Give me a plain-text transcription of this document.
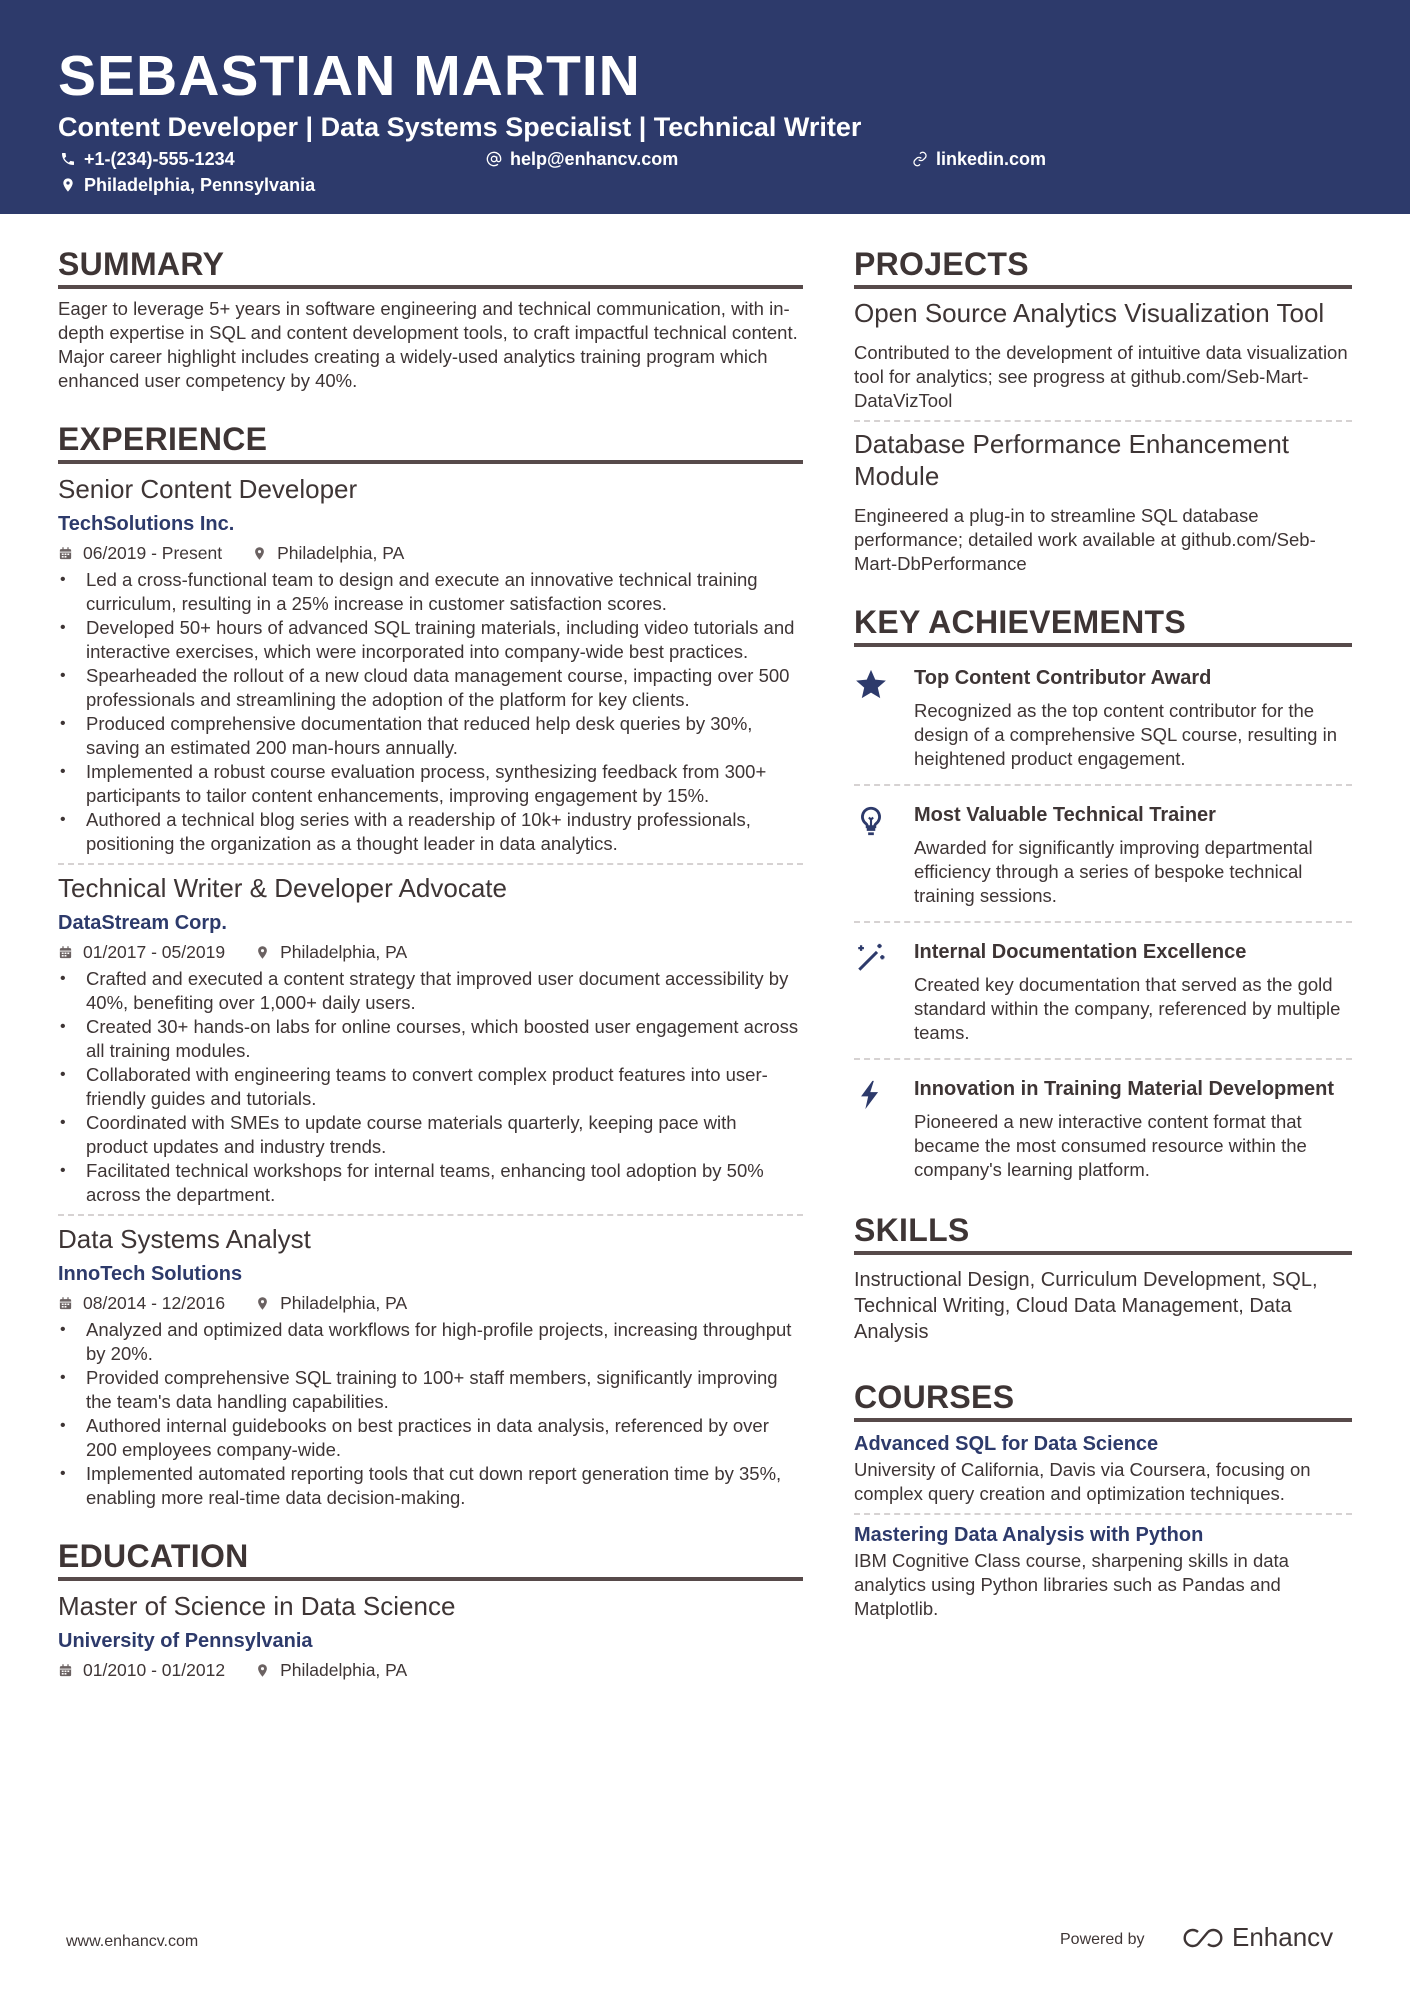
SEBASTIAN MARTIN
Content Developer | Data Systems Specialist | Technical Writer
+1-(234)-555-1234	help@enhancv.com	linkedin.com
Philadelphia, Pennsylvania
SUMMARY
Eager to leverage 5+ years in software engineering and technical communication, with in-depth expertise in SQL and content development tools, to craft impactful technical content. Major career highlight includes creating a widely-used analytics training program which enhanced user competency by 40%.
EXPERIENCE
Senior Content Developer
TechSolutions Inc.
06/2019 - Present	Philadelphia, PA
• Led a cross-functional team to design and execute an innovative technical training curriculum, resulting in a 25% increase in customer satisfaction scores.
• Developed 50+ hours of advanced SQL training materials, including video tutorials and interactive exercises, which were incorporated into company-wide best practices.
• Spearheaded the rollout of a new cloud data management course, impacting over 500 professionals and streamlining the adoption of the platform for key clients.
• Produced comprehensive documentation that reduced help desk queries by 30%, saving an estimated 200 man-hours annually.
• Implemented a robust course evaluation process, synthesizing feedback from 300+ participants to tailor content enhancements, improving engagement by 15%.
• Authored a technical blog series with a readership of 10k+ industry professionals, positioning the organization as a thought leader in data analytics.
Technical Writer & Developer Advocate
DataStream Corp.
01/2017 - 05/2019	Philadelphia, PA
• Crafted and executed a content strategy that improved user document accessibility by 40%, benefiting over 1,000+ daily users.
• Created 30+ hands-on labs for online courses, which boosted user engagement across all training modules.
• Collaborated with engineering teams to convert complex product features into user-friendly guides and tutorials.
• Coordinated with SMEs to update course materials quarterly, keeping pace with product updates and industry trends.
• Facilitated technical workshops for internal teams, enhancing tool adoption by 50% across the department.
Data Systems Analyst
InnoTech Solutions
08/2014 - 12/2016	Philadelphia, PA
• Analyzed and optimized data workflows for high-profile projects, increasing throughput by 20%.
• Provided comprehensive SQL training to 100+ staff members, significantly improving the team's data handling capabilities.
• Authored internal guidebooks on best practices in data analysis, referenced by over 200 employees company-wide.
• Implemented automated reporting tools that cut down report generation time by 35%, enabling more real-time data decision-making.
EDUCATION
Master of Science in Data Science
University of Pennsylvania
01/2010 - 01/2012	Philadelphia, PA
PROJECTS
Open Source Analytics Visualization Tool
Contributed to the development of intuitive data visualization tool for analytics; see progress at github.com/Seb-Mart-DataVizTool
Database Performance Enhancement Module
Engineered a plug-in to streamline SQL database performance; detailed work available at github.com/Seb-Mart-DbPerformance
KEY ACHIEVEMENTS
Top Content Contributor Award
Recognized as the top content contributor for the design of a comprehensive SQL course, resulting in heightened product engagement.
Most Valuable Technical Trainer
Awarded for significantly improving departmental efficiency through a series of bespoke technical training sessions.
Internal Documentation Excellence
Created key documentation that served as the gold standard within the company, referenced by multiple teams.
Innovation in Training Material Development
Pioneered a new interactive content format that became the most consumed resource within the company's learning platform.
SKILLS
Instructional Design, Curriculum Development, SQL, Technical Writing, Cloud Data Management, Data Analysis
COURSES
Advanced SQL for Data Science
University of California, Davis via Coursera, focusing on complex query creation and optimization techniques.
Mastering Data Analysis with Python
IBM Cognitive Class course, sharpening skills in data analytics using Python libraries such as Pandas and Matplotlib.
www.enhancv.com	Powered by	Enhancv
